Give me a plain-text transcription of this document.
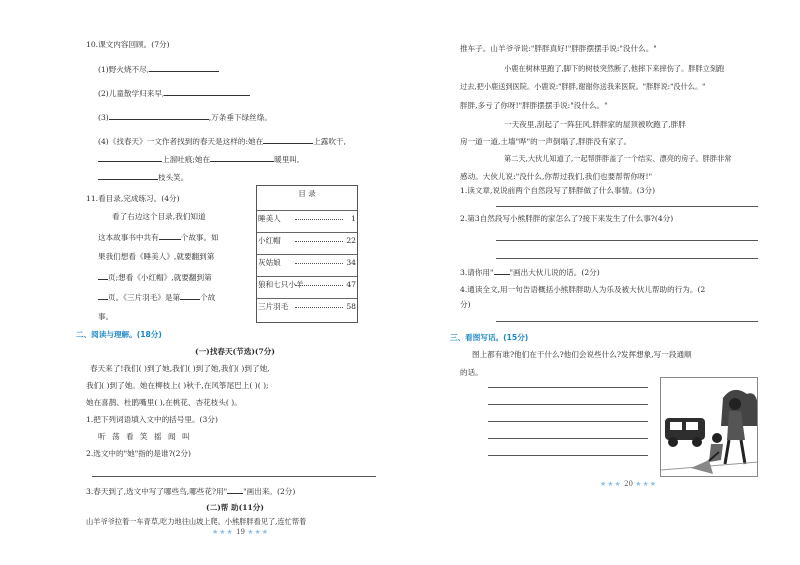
10.课文内容回顾。(7分)
(1)野火烧不尽,
(2)儿童散学归来早,
(3)	,万条垂下绿丝绦。
(4)《找春天》一文作者找到的春天是这样的:她在	上露吹干,
上溜吐痕;她在	暖里叫,
枝头笑。
11.看目录,完成练习。(4分)
看了右边这个目录,我们知道
这本故事书中共有	个故事。如
果我们想看《睡美人》,就要翻到第
页;想看《小红帽》,就要翻到第
页。《三片羽毛》是第	个故
事。
目 录
睡美人	1
小红帽	22
灰姑娘	34
狼和七只小羊	47
三片羽毛	58
二、阅读与理解。(18分)
(一)找春天(节选)(7分)
春天来了!我们( )到了她,我们( )到了她,我们( )到了她,
我们( )到了她。她在柳枝上( )秋千,在风筝尾巴上( )( );
她在喜鹊、杜鹃嘴里( ),在桃花、杏花枝头( )。
1.把下列词语填入文中的括号里。(3分)
听 荡 看 笑 摇 闻 叫
2.选文中的"她"指的是谁?(2分)
3.春天到了,选文中写了哪些鸟,哪些花?用" "画出来。(2分)
(二)帮 助(11分)
山羊爷爷拉着一车青草,吃力地往山坡上爬。小熊胖胖看见了,连忙帮着
★★★ 19 ★★★
推车子。山羊爷爷说:"胖胖真好!"胖胖摆摆手说:"没什么。"
小鹿在树林里跑了,脚下的树枝突然断了,他摔下来摔伤了。胖胖立刻跑
过去,把小鹿送到医院。小鹿说:"胖胖,谢谢你送我来医院。"胖胖说:"没什么。"
胖胖,多亏了你呀!"胖胖摆摆手说:"没什么。"
一天夜里,刮起了一阵狂风,胖胖家的屋顶被吹跑了,胖胖
房一道一道,土墙"哗"的一声倒塌了,胖胖没有家了。
第二天,大伙儿知道了,一起帮胖胖盖了一个结实、漂亮的房子。胖胖非常
感动。大伙儿说:"没什么,你帮过我们,我们也要帮帮你呀!"
1.读文章,说说前两个自然段写了胖胖做了什么事情。(3分)
2.第3自然段写小熊胖胖的家怎么了?接下来发生了什么事?(4分)
3.请你用" "画出大伙儿说的话。(2分)
4.通读全文,用一句告语概括小熊胖胖助人为乐及被大伙儿帮助的行为。(2
分)
三、看图写话。(15分)
图上都有谁?他们在干什么?他们会说些什么?发挥想象,写一段通顺
的话。
★★★ 20 ★★★
